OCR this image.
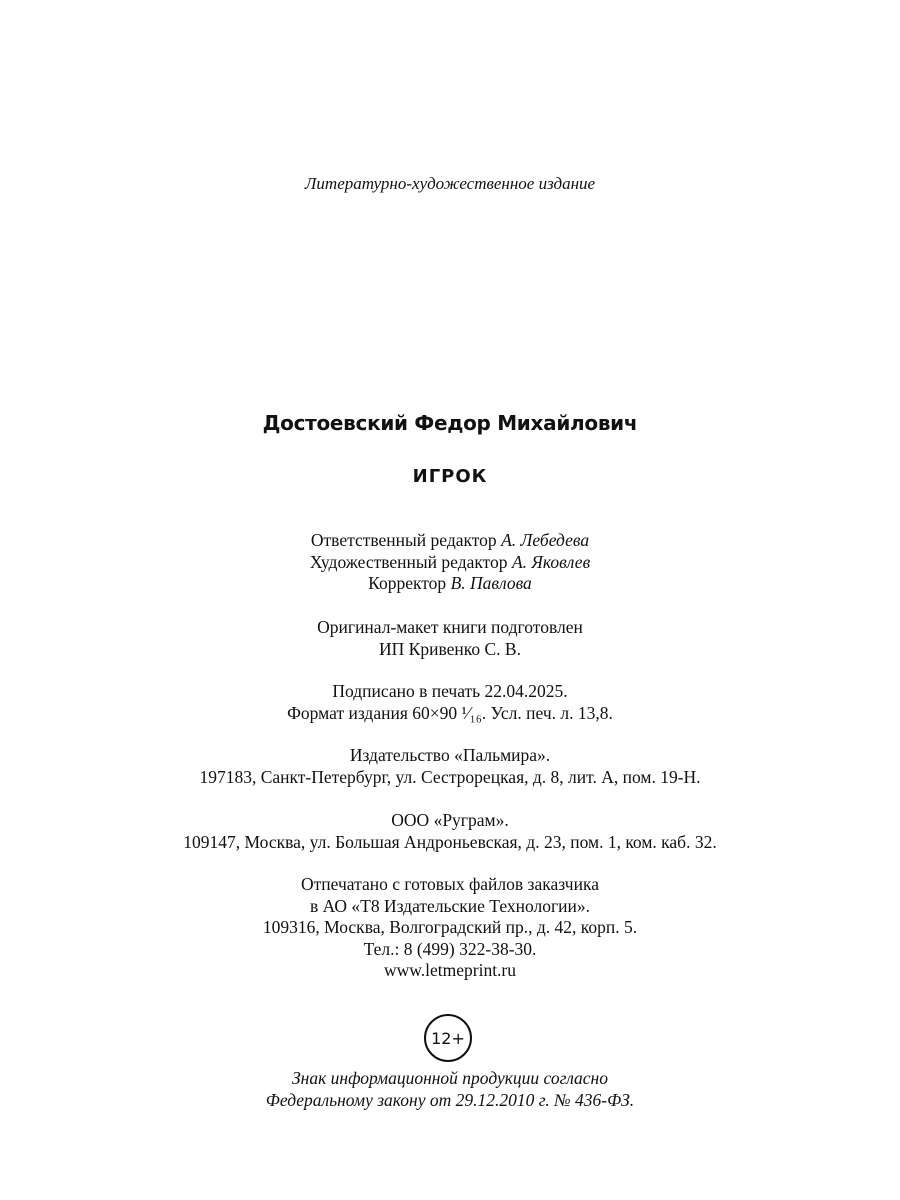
Литературно-художественное издание
Достоевский Федор Михайлович
ИГРОК
Ответственный редактор А. Лебедева
Художественный редактор А. Яковлев
Корректор В. Павлова
Оригинал-макет книги подготовлен
ИП Кривенко С. В.
Подписано в печать 22.04.2025.
Формат издания 60×90 ¹⁄₁₆. Усл. печ. л. 13,8.
Издательство «Пальмира».
197183, Санкт-Петербург, ул. Сестрорецкая, д. 8, лит. А, пом. 19-Н.
ООО «Руграм».
109147, Москва, ул. Большая Андроньевская, д. 23, пом. 1, ком. каб. 32.
Отпечатано с готовых файлов заказчика
в АО «Т8 Издательские Технологии».
109316, Москва, Волгоградский пр., д. 42, корп. 5.
Тел.: 8 (499) 322-38-30.
www.letmeprint.ru
12+
Знак информационной продукции согласно
Федеральному закону от 29.12.2010 г. № 436-ФЗ.
